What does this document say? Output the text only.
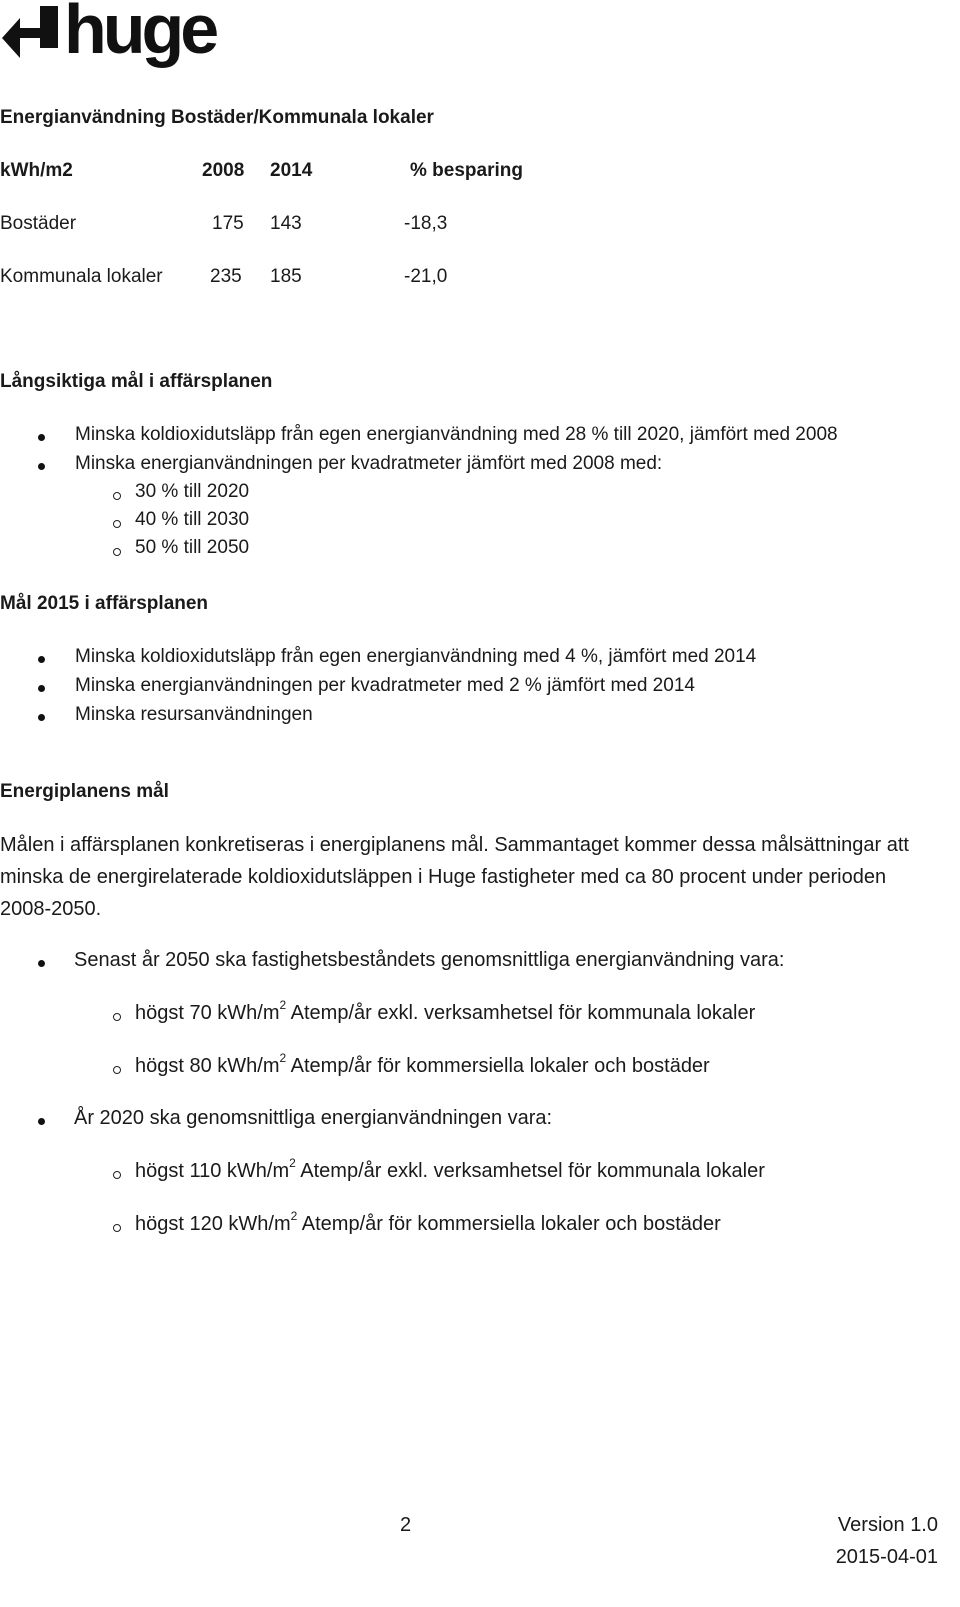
huge
Energianvändning Bostäder/Kommunala lokaler
kWh/m2	2008 2014	% besparing
Bostäder	175 143	-18,3
Kommunala lokaler 235 185	-21,0
Långsiktiga mål i affärsplanen
Minska koldioxidutsläpp från egen energianvändning med 28 % till 2020, jämfört med 2008
Minska energianvändningen per kvadratmeter jämfört med 2008 med:
30 % till 2020
40 % till 2030
50 % till 2050
Mål 2015 i affärsplanen
Minska koldioxidutsläpp från egen energianvändning med 4 %, jämfört med 2014
Minska energianvändningen per kvadratmeter med 2 % jämfört med 2014
Minska resursanvändningen
Energiplanens mål
Målen i affärsplanen konkretiseras i energiplanens mål. Sammantaget kommer dessa målsättningar att minska de energirelaterade koldioxidutsläppen i Huge fastigheter med ca 80 procent under perioden 2008-2050.
Senast år 2050 ska fastighetsbeståndets genomsnittliga energianvändning vara:
högst 70 kWh/$m^2$ Atemp/år exkl. verksamhetsel för kommunala lokaler
högst 80 kWh/$m^2$ Atemp/år för kommersiella lokaler och bostäder
År 2020 ska genomsnittliga energianvändningen vara:
högst 110 kWh/$m^2$ Atemp/år exkl. verksamhetsel för kommunala lokaler
högst 120 kWh/$m^2$ Atemp/år för kommersiella lokaler och bostäder
2	Version 1.0
2015-04-01
